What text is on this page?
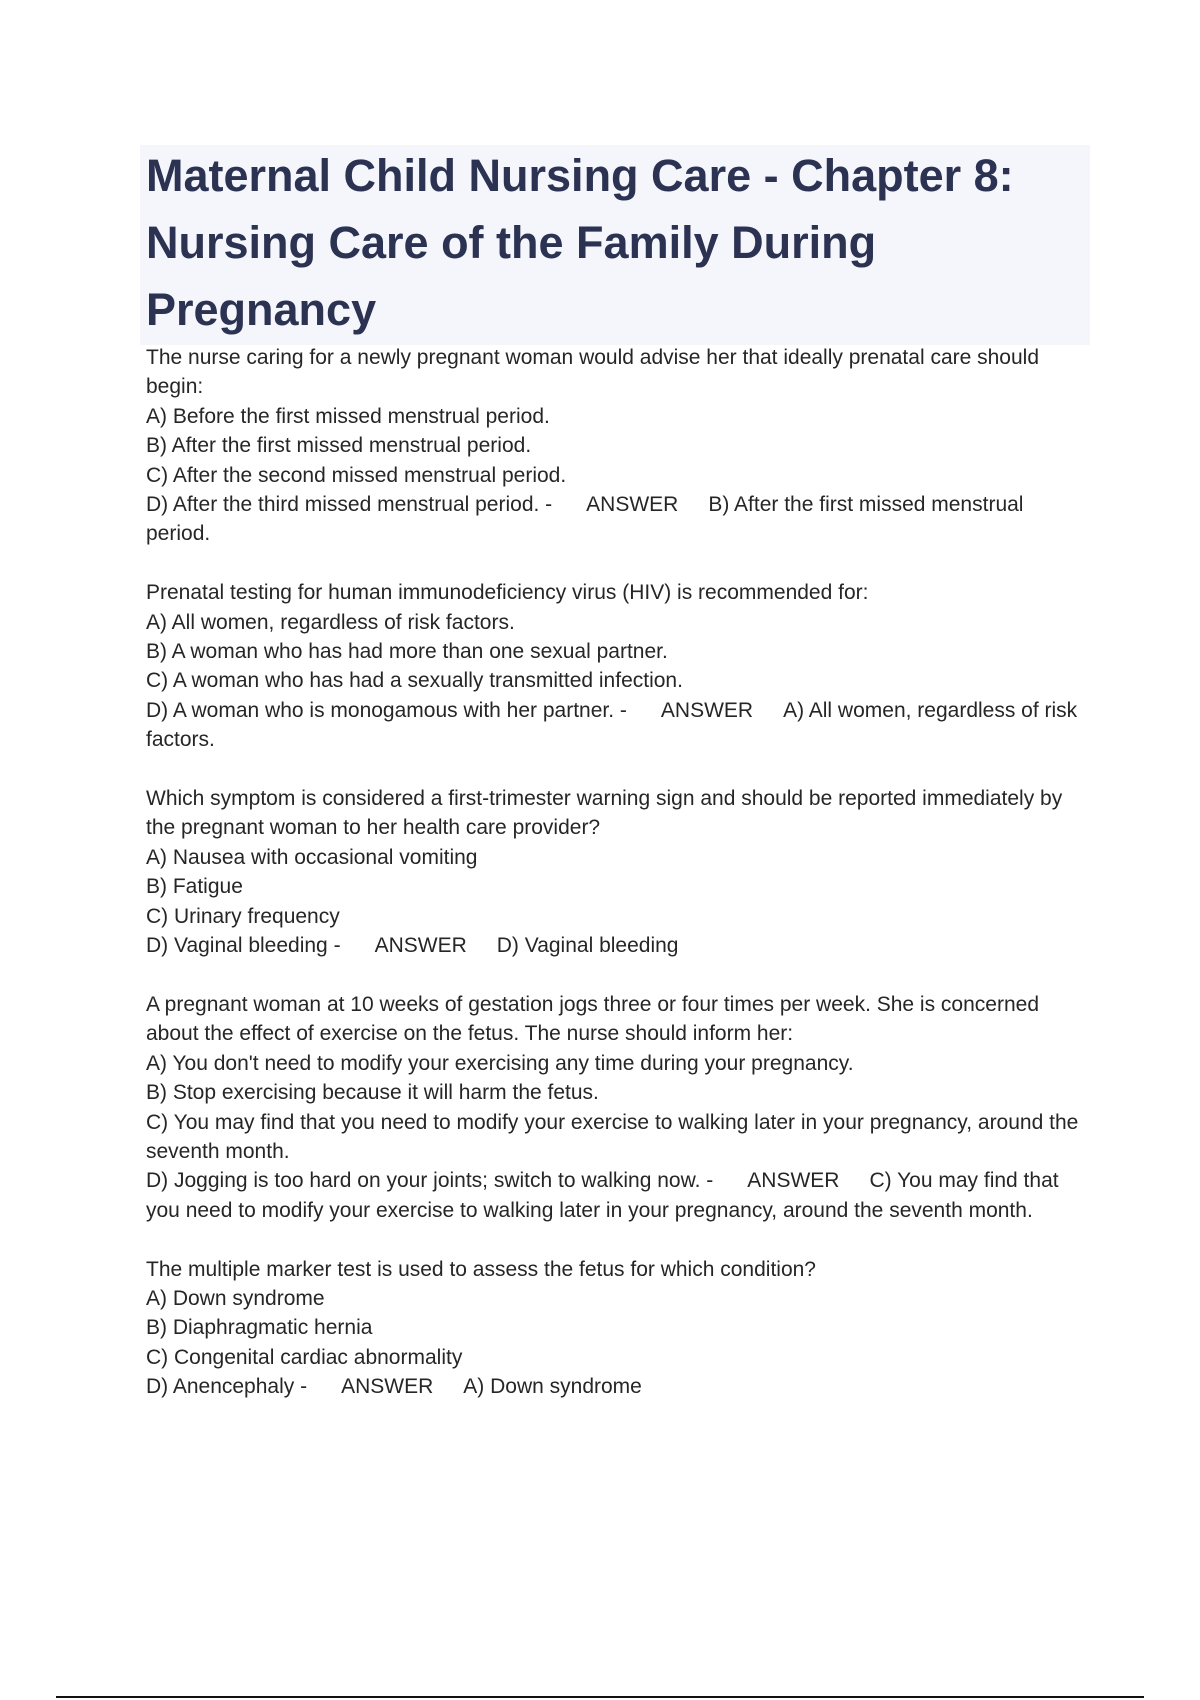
Maternal Child Nursing Care - Chapter 8: Nursing Care of the Family During Pregnancy
The nurse caring for a newly pregnant woman would advise her that ideally prenatal care should begin:
A) Before the first missed menstrual period.
B) After the first missed menstrual period.
C) After the second missed menstrual period.
D) After the third missed menstrual period. - ANSWER B) After the first missed menstrual period.
Prenatal testing for human immunodeficiency virus (HIV) is recommended for:
A) All women, regardless of risk factors.
B) A woman who has had more than one sexual partner.
C) A woman who has had a sexually transmitted infection.
D) A woman who is monogamous with her partner. - ANSWER A) All women, regardless of risk factors.
Which symptom is considered a first-trimester warning sign and should be reported immediately by the pregnant woman to her health care provider?
A) Nausea with occasional vomiting
B) Fatigue
C) Urinary frequency
D) Vaginal bleeding - ANSWER D) Vaginal bleeding
A pregnant woman at 10 weeks of gestation jogs three or four times per week. She is concerned about the effect of exercise on the fetus. The nurse should inform her:
A) You don't need to modify your exercising any time during your pregnancy.
B) Stop exercising because it will harm the fetus.
C) You may find that you need to modify your exercise to walking later in your pregnancy, around the seventh month.
D) Jogging is too hard on your joints; switch to walking now. - ANSWER C) You may find that you need to modify your exercise to walking later in your pregnancy, around the seventh month.
The multiple marker test is used to assess the fetus for which condition?
A) Down syndrome
B) Diaphragmatic hernia
C) Congenital cardiac abnormality
D) Anencephaly - ANSWER A) Down syndrome
